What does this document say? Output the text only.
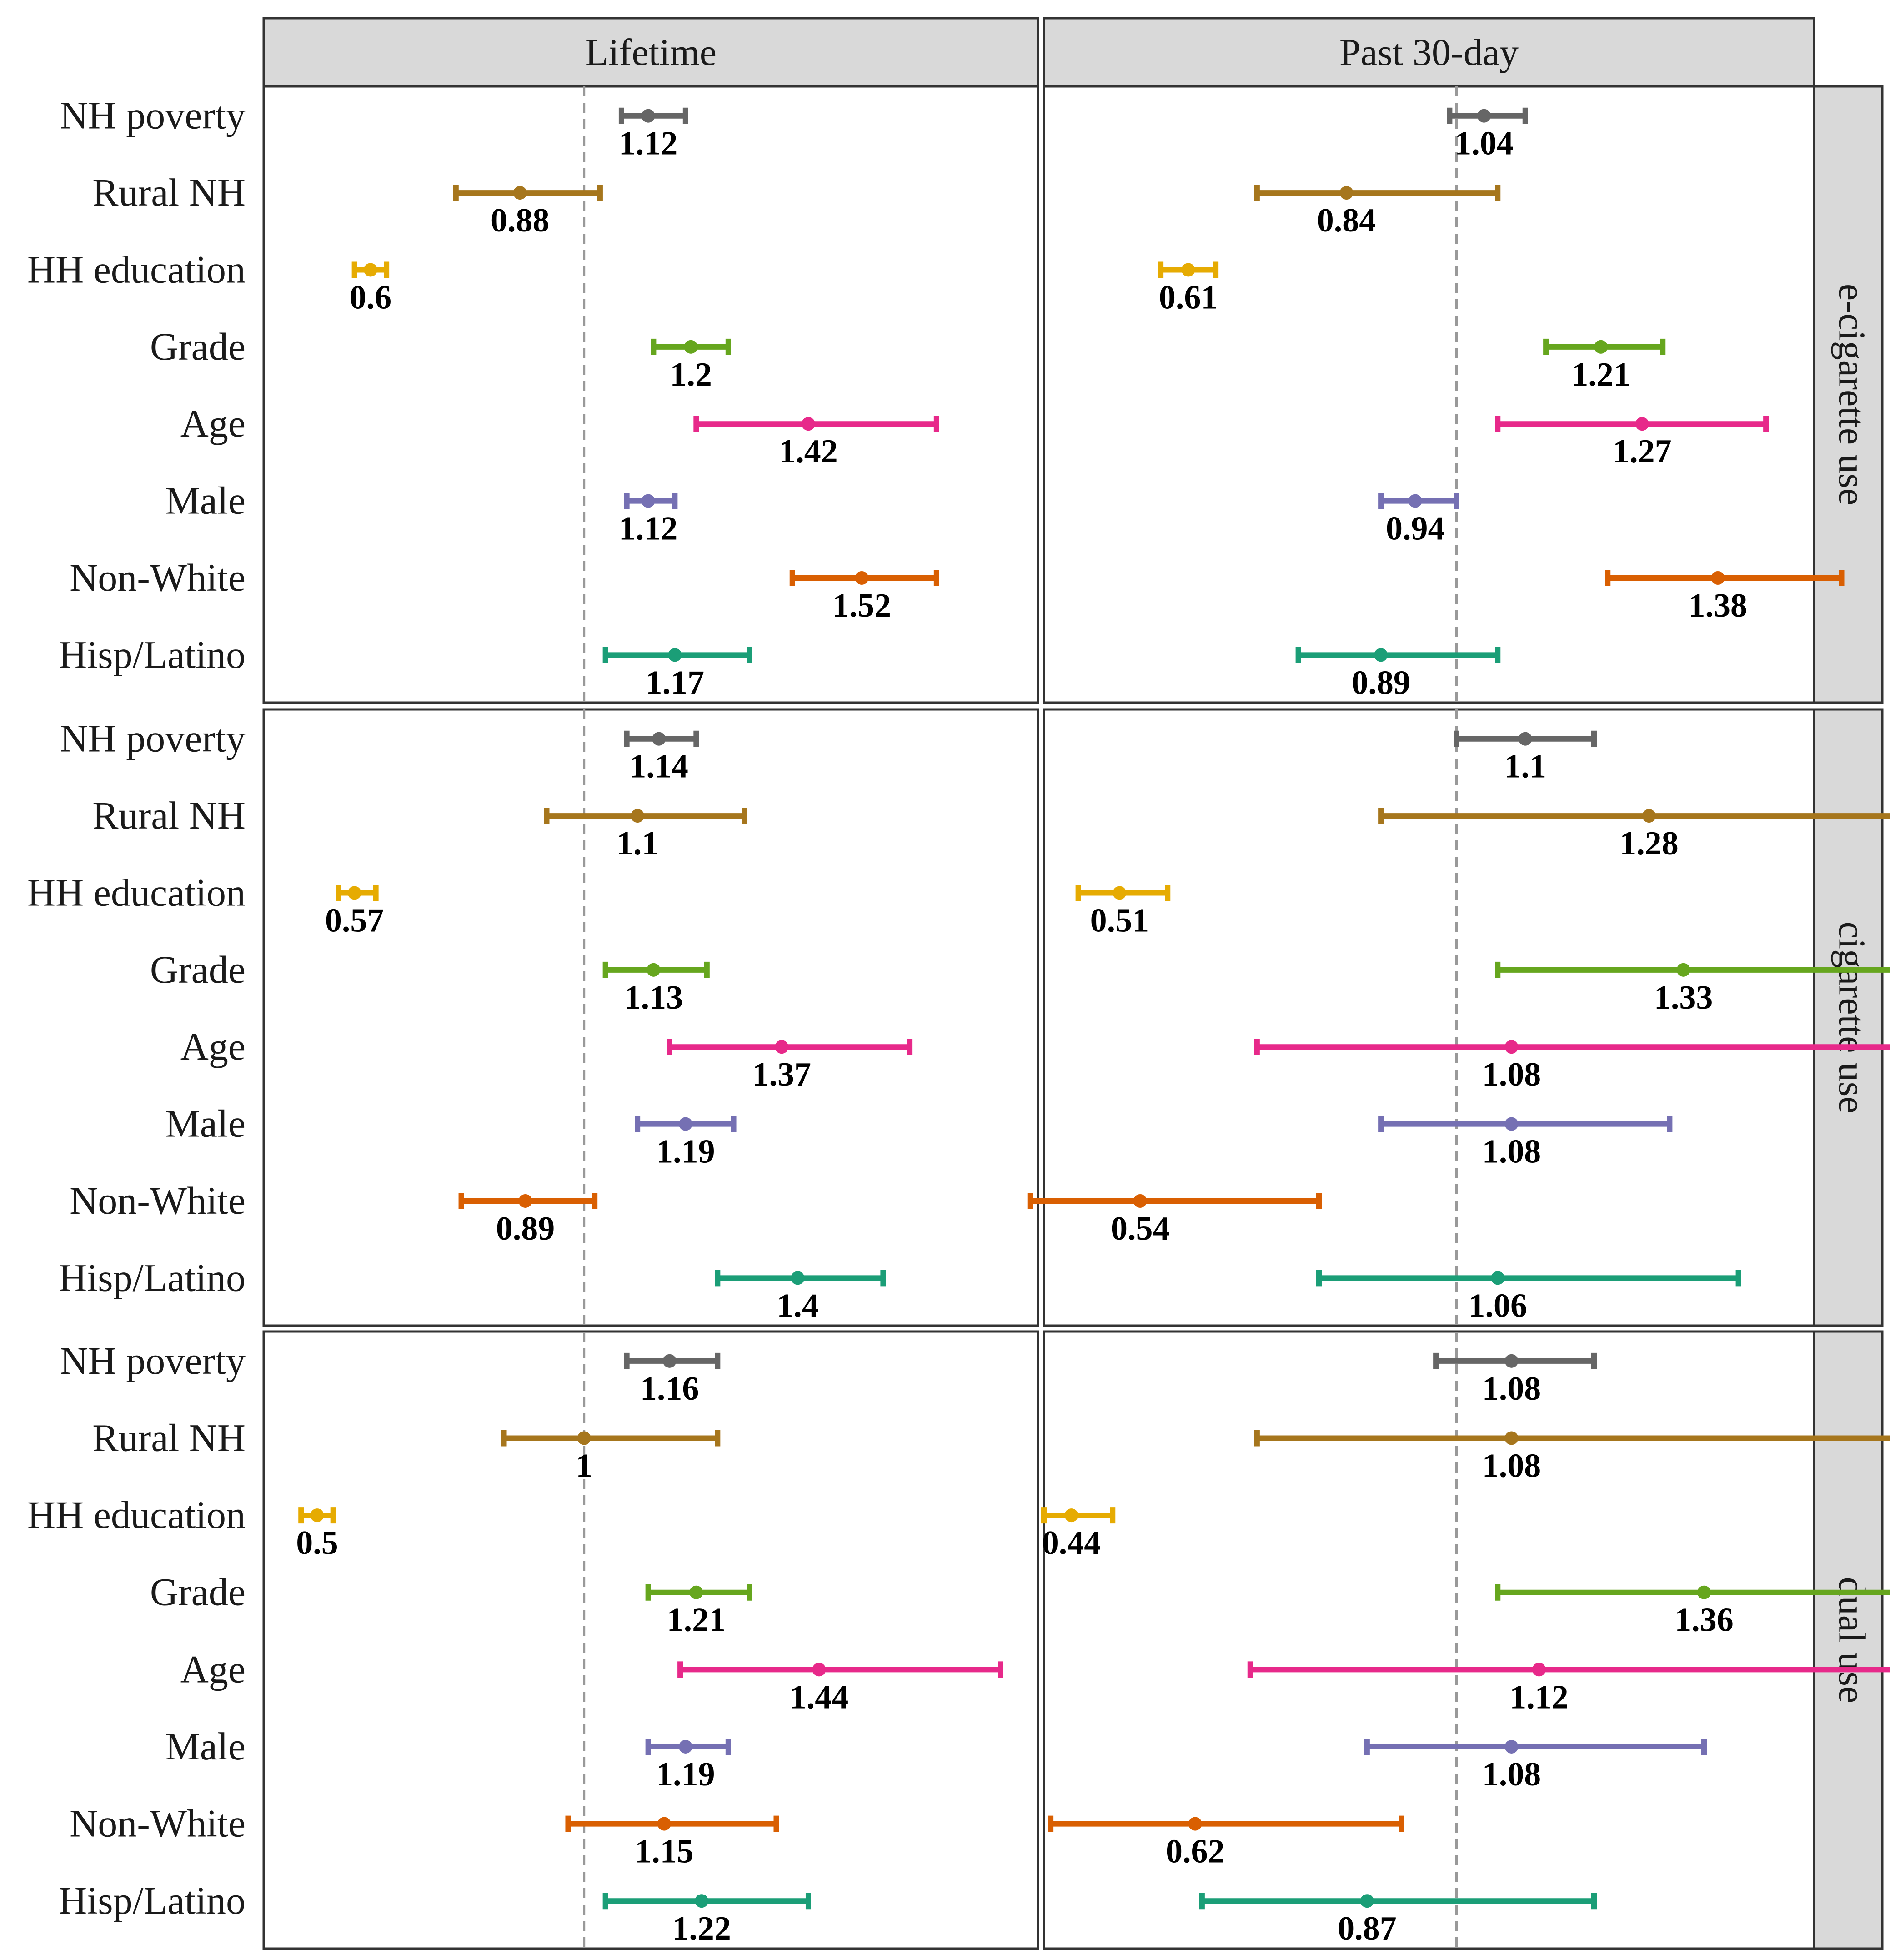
Lifetime	Past 30-day
e-cigarette use
cigarette use
dual use
1.12
NH poverty
0.88
Rural NH
0.6
HH education
1.2
Grade
1.42
Age
1.12
Male
1.52
Non-White
1.17
Hisp/Latino
1.04
0.84
0.61
1.21
1.27
0.94
1.38
0.89
1.14
NH poverty
1.1
Rural NH
0.57
HH education
1.13
Grade
1.37
Age
1.19
Male
0.89
Non-White
1.4
Hisp/Latino
1.1
1.28
0.51
1.33
1.08
1.08
0.54
1.06
1.16
NH poverty
1
Rural NH
0.5
HH education
1.21
Grade
1.44
Age
1.19
Male
1.15
Non-White
1.22
Hisp/Latino
1.08
1.08
0.44
1.36
1.12
1.08
0.62
0.87
